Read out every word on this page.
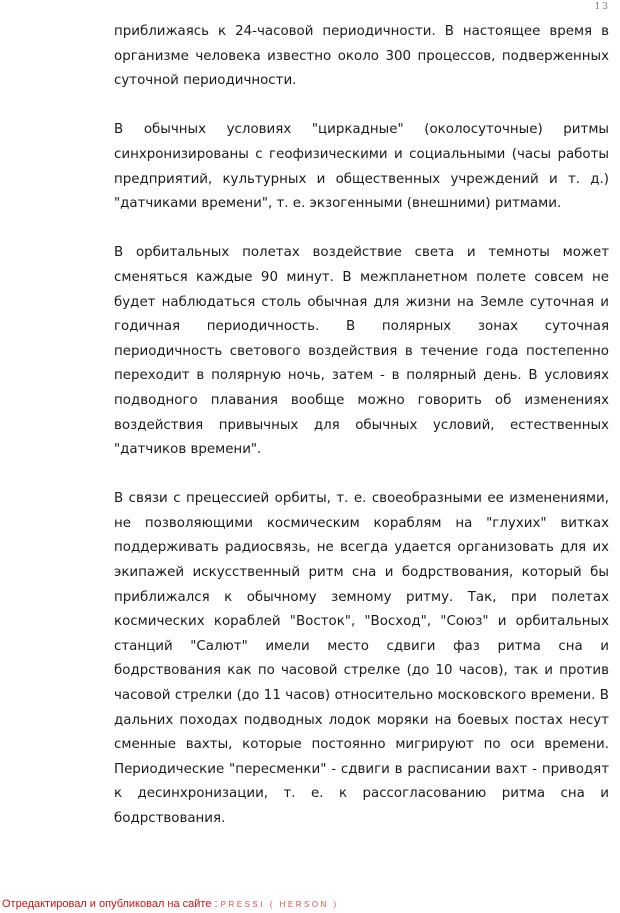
13

приближаясь к 24-часовой периодичности. В настоящее время в организме человека известно около 300 процессов, подверженных суточной периодичности.

В обычных условиях "циркадные" (околосуточные) ритмы синхронизированы с геофизическими и социальными (часы работы предприятий, культурных и общественных учреждений и т. д.) "датчиками времени", т. е. экзогенными (внешними) ритмами.

В орбитальных полетах воздействие света и темноты может сменяться каждые 90 минут. В межпланетном полете совсем не будет наблюдаться столь обычная для жизни на Земле суточная и годичная периодичность. В полярных зонах суточная периодичность светового воздействия в течение года постепенно переходит в полярную ночь, затем - в полярный день. В условиях подводного плавания вообще можно говорить об изменениях воздействия привычных для обычных условий, естественных "датчиков времени".

В связи с прецессией орбиты, т. е. своеобразными ее изменениями, не позволяющими космическим кораблям на "глухих" витках поддерживать радиосвязь, не всегда удается организовать для их экипажей искусственный ритм сна и бодрствования, который бы приближался к обычному земному ритму. Так, при полетах космических кораблей "Восток", "Восход", "Союз" и орбитальных станций "Салют" имели место сдвиги фаз ритма сна и бодрствования как по часовой стрелке (до 10 часов), так и против часовой стрелки (до 11 часов) относительно московского времени. В дальних походах подводных лодок моряки на боевых постах несут сменные вахты, которые постоянно мигрируют по оси времени. Периодические "пересменки" - сдвиги в расписании вахт - приводят к десинхронизации, т. е. к рассогласованию ритма сна и бодрствования.

Отредактировал и опубликовал на сайте : PRESSI ( HERSON )
